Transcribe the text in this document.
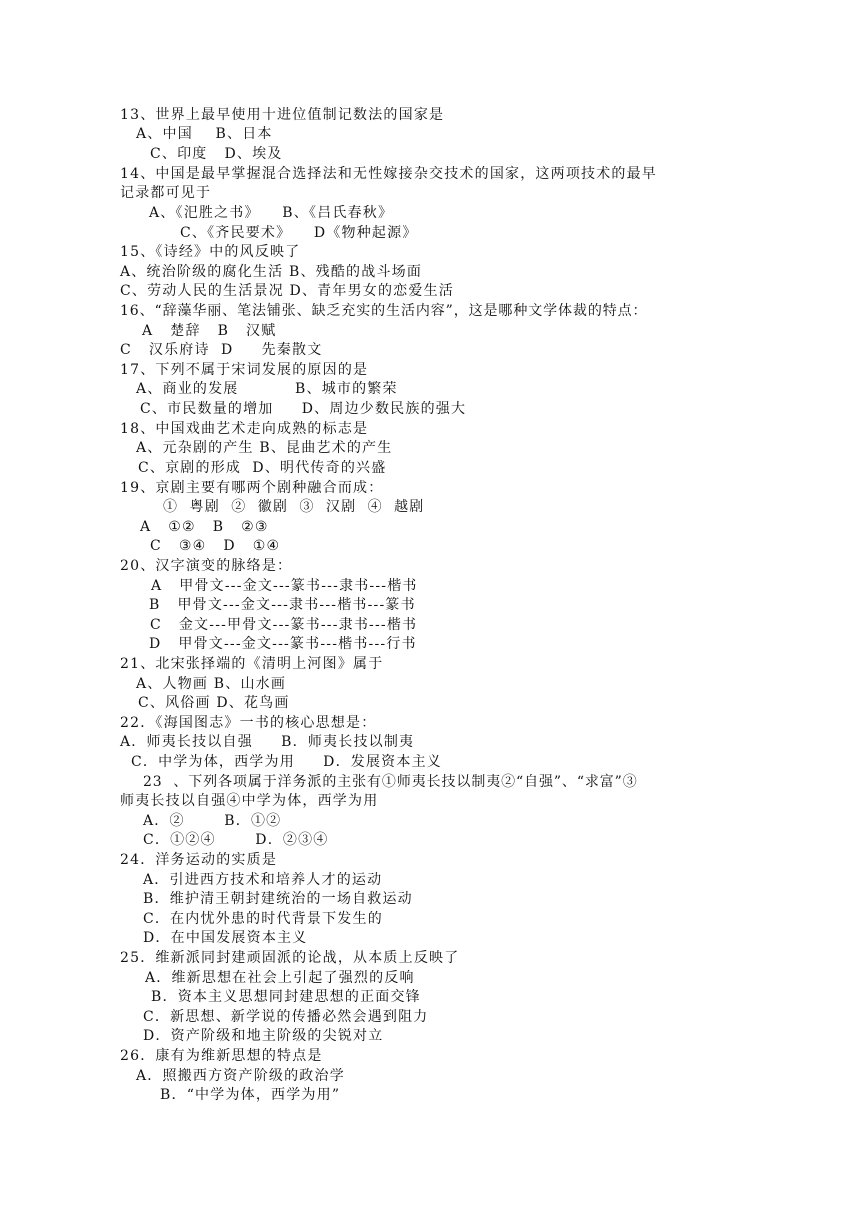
13、世界上最早使用十进位值制记数法的国家是
A、中国    B、日本
C、印度   D、埃及
14、中国是最早掌握混合选择法和无性嫁接杂交技术的国家，这两项技术的最早
记录都可见于
A、《汜胜之书》    B、《吕氏春秋》
C、《齐民要术》    D《物种起源》
15、《诗经》中的风反映了
A、统治阶级的腐化生活 B、残酷的战斗场面
C、劳动人民的生活景况 D、青年男女的恋爱生活
16、“辞藻华丽、笔法铺张、缺乏充实的生活内容”，这是哪种文学体裁的特点：
A   楚辞   B   汉赋
C   汉乐府诗  D     先秦散文
17、下列不属于宋词发展的原因的是
A、商业的发展          B、城市的繁荣
C、市民数量的增加     D、周边少数民族的强大
18、中国戏曲艺术走向成熟的标志是
A、元杂剧的产生 B、昆曲艺术的产生
C、京剧的形成  D、明代传奇的兴盛
19、京剧主要有哪两个剧种融合而成：
①  粤剧  ②  徽剧  ③  汉剧  ④  越剧
A   ①②   B   ②③
C   ③④   D   ①④
20、汉字演变的脉络是：
A   甲骨文---金文---篆书---隶书---楷书
B   甲骨文---金文---隶书---楷书---篆书
C   金文---甲骨文---篆书---隶书---楷书
D   甲骨文---金文---篆书---楷书---行书
21、北宋张择端的《清明上河图》属于
A、人物画 B、山水画
C、风俗画 D、花鸟画
22．《海国图志》一书的核心思想是：
A．师夷长技以自强     B．师夷长技以制夷
C．中学为体，西学为用     D．发展资本主义
23  、下列各项属于洋务派的主张有①师夷长技以制夷②“自强”、“求富”③
师夷长技以自强④中学为体，西学为用
A．②       B．①②
C．①②④       D．②③④
24．洋务运动的实质是
A．引进西方技术和培养人才的运动
B．维护清王朝封建统治的一场自救运动
C．在内忧外患的时代背景下发生的
D．在中国发展资本主义
25．维新派同封建顽固派的论战，从本质上反映了
A．维新思想在社会上引起了强烈的反响
B．资本主义思想同封建思想的正面交锋
C．新思想、新学说的传播必然会遇到阻力
D．资产阶级和地主阶级的尖锐对立
26．康有为维新思想的特点是
A．照搬西方资产阶级的政治学
B．“中学为体，西学为用”
